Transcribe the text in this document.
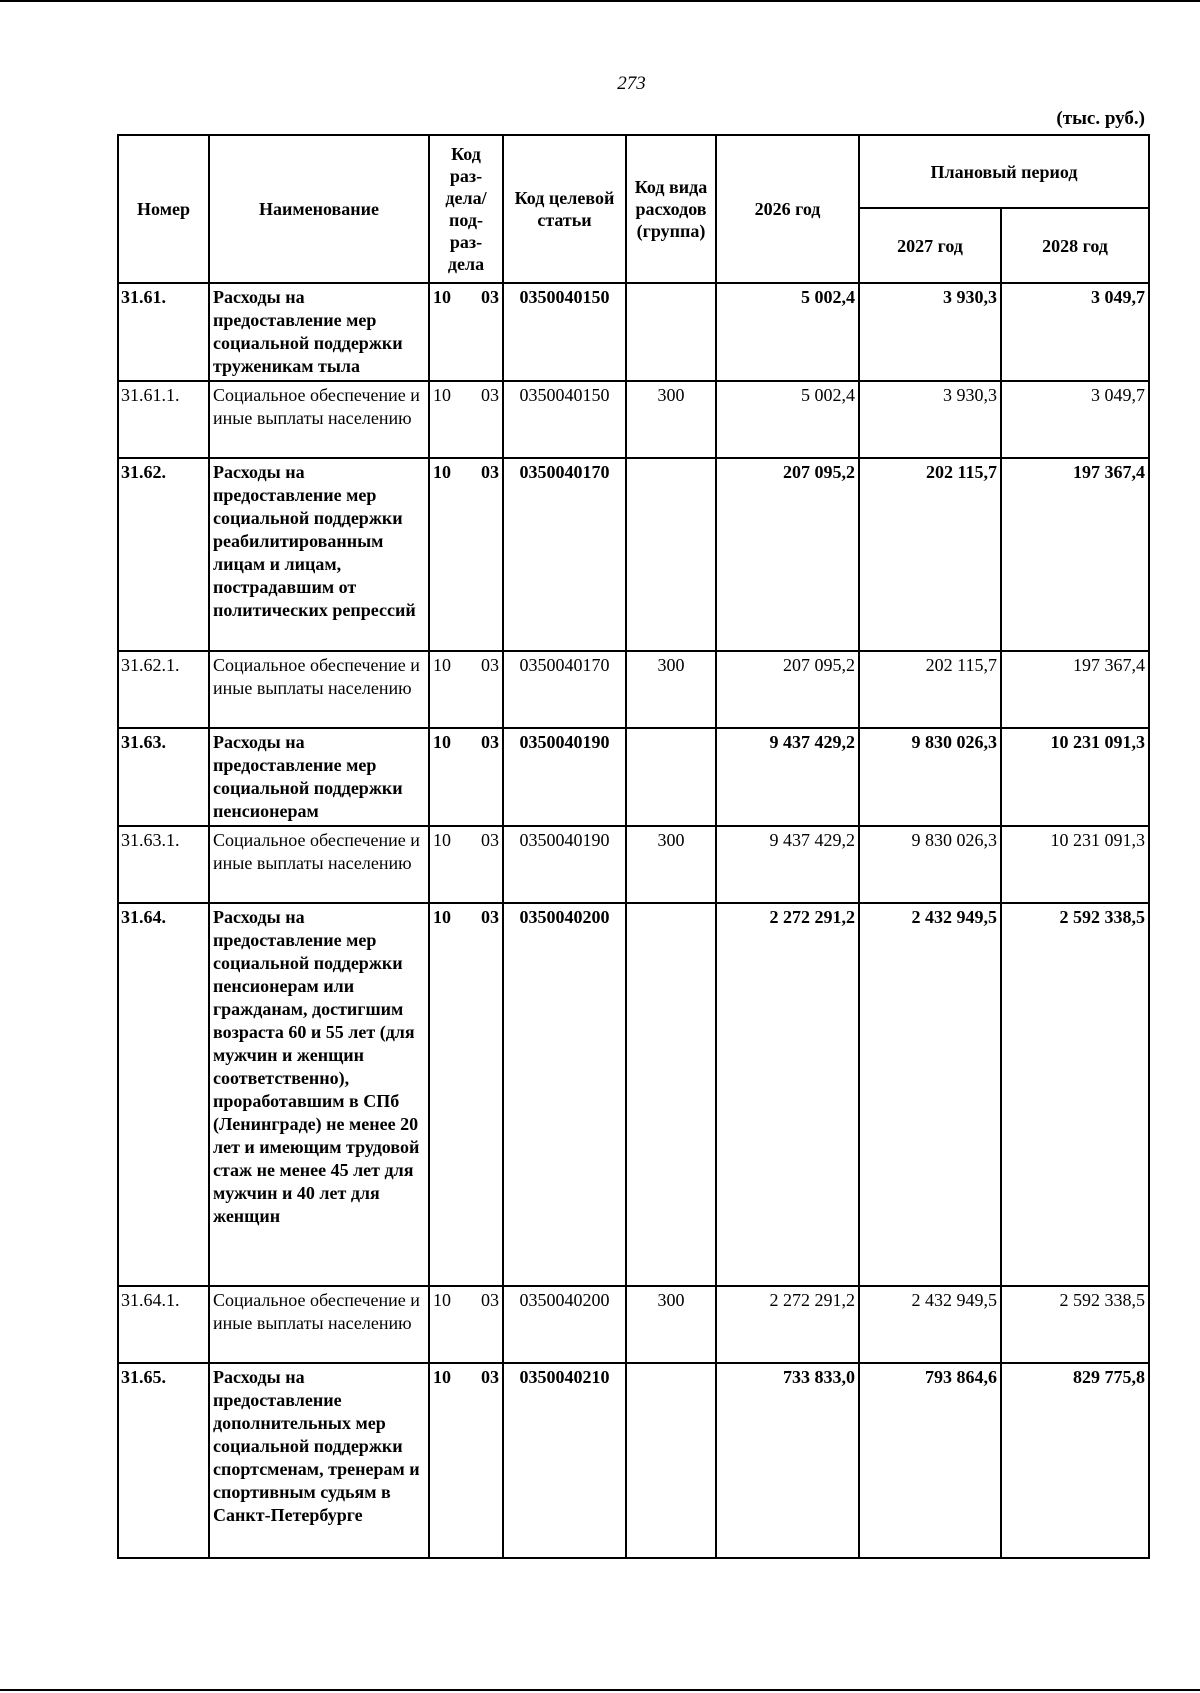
273
(тыс. руб.)
Номер	Наименование	Код раз- дела/ под- раз- дела	Код целевой статьи	Код вида расходов (группа)	2026 год	Плановый период	
						2027 год	2028 год
31.61.	Расходы на предоставление мер социальной поддержки труженикам тыла	10 03	0350040150		5 002,4	3 930,3	3 049,7
31.61.1.	Социальное обеспечение и иные выплаты населению	10 03	0350040150	300	5 002,4	3 930,3	3 049,7
31.62.	Расходы на предоставление мер социальной поддержки реабилитированным лицам и лицам, пострадавшим от политических репрессий	10 03	0350040170		207 095,2	202 115,7	197 367,4
31.62.1.	Социальное обеспечение и иные выплаты населению	10 03	0350040170	300	207 095,2	202 115,7	197 367,4
31.63.	Расходы на предоставление мер социальной поддержки пенсионерам	10 03	0350040190		9 437 429,2	9 830 026,3	10 231 091,3
31.63.1.	Социальное обеспечение и иные выплаты населению	10 03	0350040190	300	9 437 429,2	9 830 026,3	10 231 091,3
31.64.	Расходы на предоставление мер социальной поддержки пенсионерам или гражданам, достигшим возраста 60 и 55 лет (для мужчин и женщин соответственно), проработавшим в СПб (Ленинграде) не менее 20 лет и имеющим трудовой стаж не менее 45 лет для мужчин и 40 лет для женщин	10 03	0350040200		2 272 291,2	2 432 949,5	2 592 338,5
31.64.1.	Социальное обеспечение и иные выплаты населению	10 03	0350040200	300	2 272 291,2	2 432 949,5	2 592 338,5
31.65.	Расходы на предоставление дополнительных мер социальной поддержки спортсменам, тренерам и спортивным судьям в Санкт-Петербурге	10 03	0350040210		733 833,0	793 864,6	829 775,8
